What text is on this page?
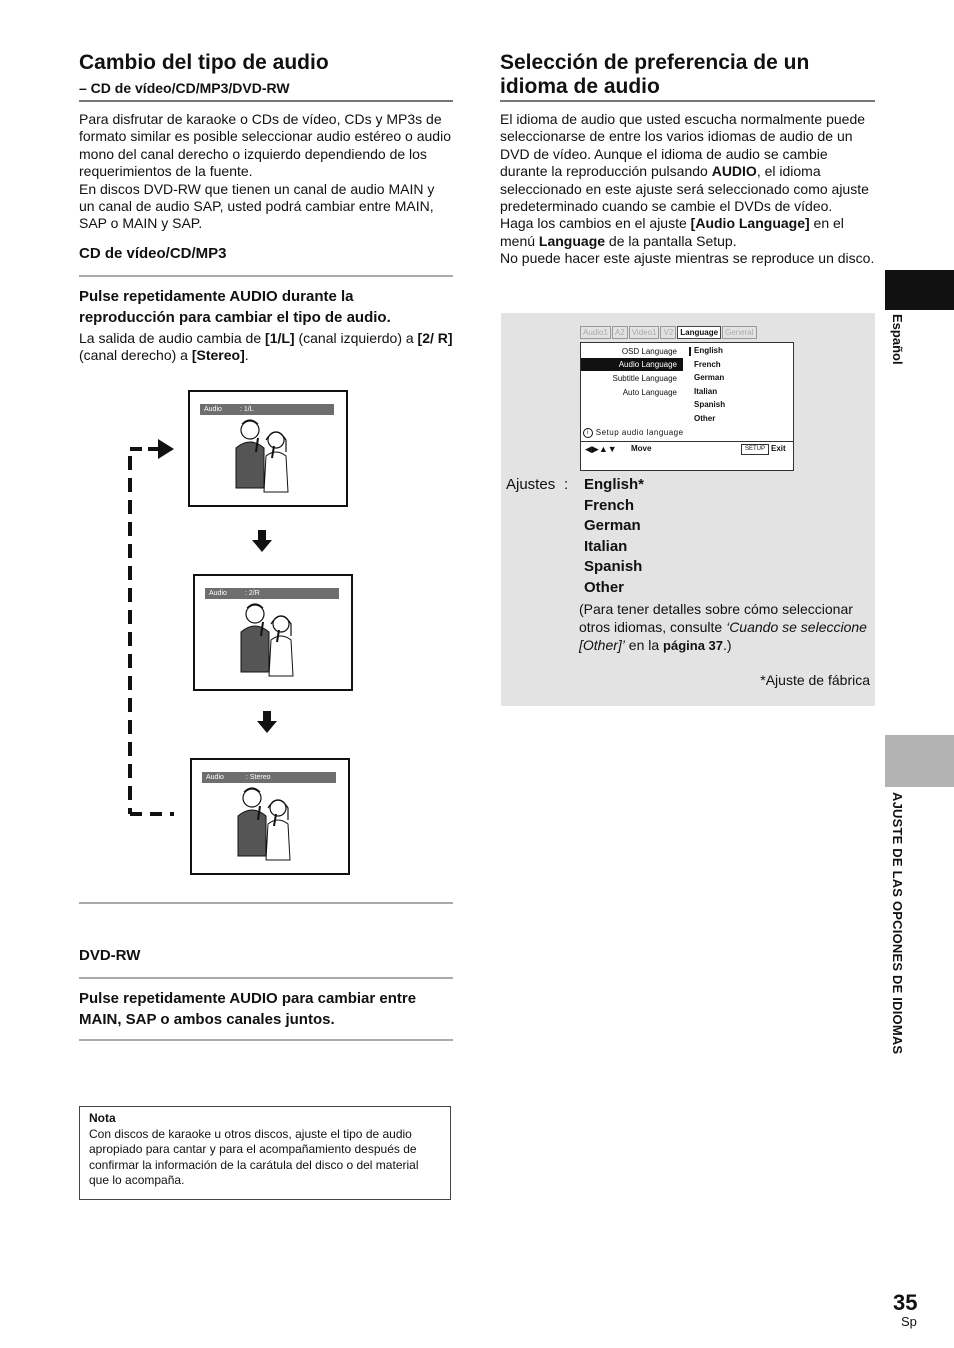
Cambio del tipo de audio
– CD de vídeo/CD/MP3/DVD-RW

Para disfrutar de karaoke o CDs de vídeo, CDs y MP3s de formato similar es posible seleccionar audio estéreo o audio mono del canal derecho o izquierdo dependiendo de los requerimientos de la fuente.

En discos DVD-RW que tienen un canal de audio MAIN y un canal de audio SAP, usted podrá cambiar entre MAIN, SAP o MAIN y SAP.

CD de vídeo/CD/MP3
Pulse repetidamente AUDIO durante la reproducción para cambiar el tipo de audio.
La salida de audio cambia de [1/L] (canal izquierdo) a [2/ R] (canal derecho) a [Stereo].
Audio	: 1/L
Audio	: 2/R
Audio	: Stereo
DVD-RW
Pulse repetidamente AUDIO para cambiar entre MAIN, SAP o ambos canales juntos.
Nota
Con discos de karaoke u otros discos, ajuste el tipo de audio apropiado para cantar y para el acompañamiento después de confirmar la información de la carátula del disco o del material que lo acompaña.
Selección de preferencia de un
idioma de audio

El idioma de audio que usted escucha normalmente puede seleccionarse de entre los varios idiomas de audio de un DVD de vídeo. Aunque el idioma de audio se cambie durante la reproducción pulsando AUDIO, el idioma seleccionado en este ajuste será seleccionado como ajuste predeterminado cuando se cambie el DVDs de vídeo.

Haga los cambios en el ajuste [Audio Language] en el menú Language de la pantalla Setup.

No puede hacer este ajuste mientras se reproduce un disco.

Audio1 A2 Video1 V2 Language General
OSD Language
Audio Language
Subtitle Language
Auto Language
English
French
German
Italian
Spanish
Other
i Setup audio language
◀▶▲▼ Move	SETUP Exit
Ajustes : English*
French
German
Italian
Spanish
Other
(Para tener detalles sobre cómo seleccionar otros idiomas, consulte ‘Cuando se seleccione [Other]’ en la página 37.)
*Ajuste de fábrica
Español
AJUSTE DE LAS OPCIONES DE IDIOMAS
35
Sp
